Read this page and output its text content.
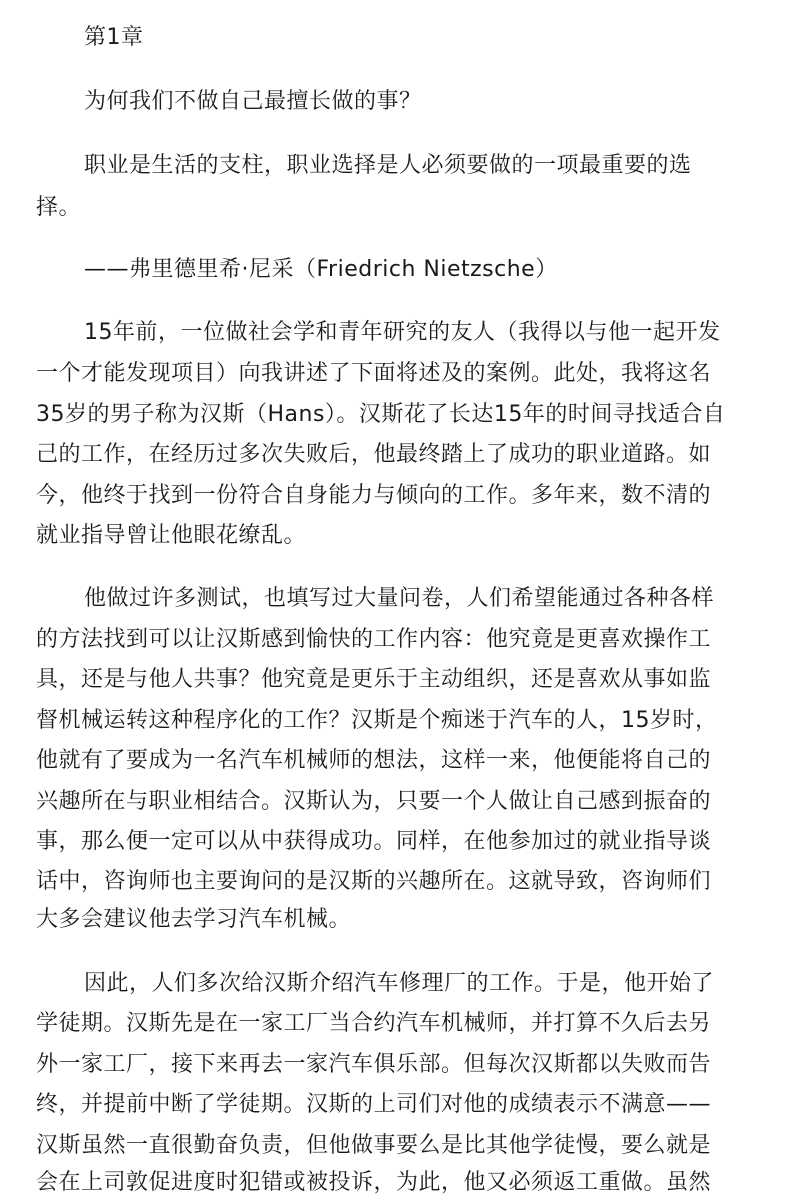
第1章
为何我们不做自己最擅长做的事？
职业是生活的支柱，职业选择是人必须要做的一项最重要的选
择。
——弗里德里希·尼采（Friedrich Nietzsche）
15年前，一位做社会学和青年研究的友人（我得以与他一起开发
一个才能发现项目）向我讲述了下面将述及的案例。此处，我将这名
35岁的男子称为汉斯（Hans）。汉斯花了长达15年的时间寻找适合自
己的工作，在经历过多次失败后，他最终踏上了成功的职业道路。如
今，他终于找到一份符合自身能力与倾向的工作。多年来，数不清的
就业指导曾让他眼花缭乱。
他做过许多测试，也填写过大量问卷，人们希望能通过各种各样
的方法找到可以让汉斯感到愉快的工作内容：他究竟是更喜欢操作工
具，还是与他人共事？他究竟是更乐于主动组织，还是喜欢从事如监
督机械运转这种程序化的工作？汉斯是个痴迷于汽车的人，15岁时，
他就有了要成为一名汽车机械师的想法，这样一来，他便能将自己的
兴趣所在与职业相结合。汉斯认为，只要一个人做让自己感到振奋的
事，那么便一定可以从中获得成功。同样，在他参加过的就业指导谈
话中，咨询师也主要询问的是汉斯的兴趣所在。这就导致，咨询师们
大多会建议他去学习汽车机械。
因此，人们多次给汉斯介绍汽车修理厂的工作。于是，他开始了
学徒期。汉斯先是在一家工厂当合约汽车机械师，并打算不久后去另
外一家工厂，接下来再去一家汽车俱乐部。但每次汉斯都以失败而告
终，并提前中断了学徒期。汉斯的上司们对他的成绩表示不满意——
汉斯虽然一直很勤奋负责，但他做事要么是比其他学徒慢，要么就是
会在上司敦促进度时犯错或被投诉，为此，他又必须返工重做。虽然
